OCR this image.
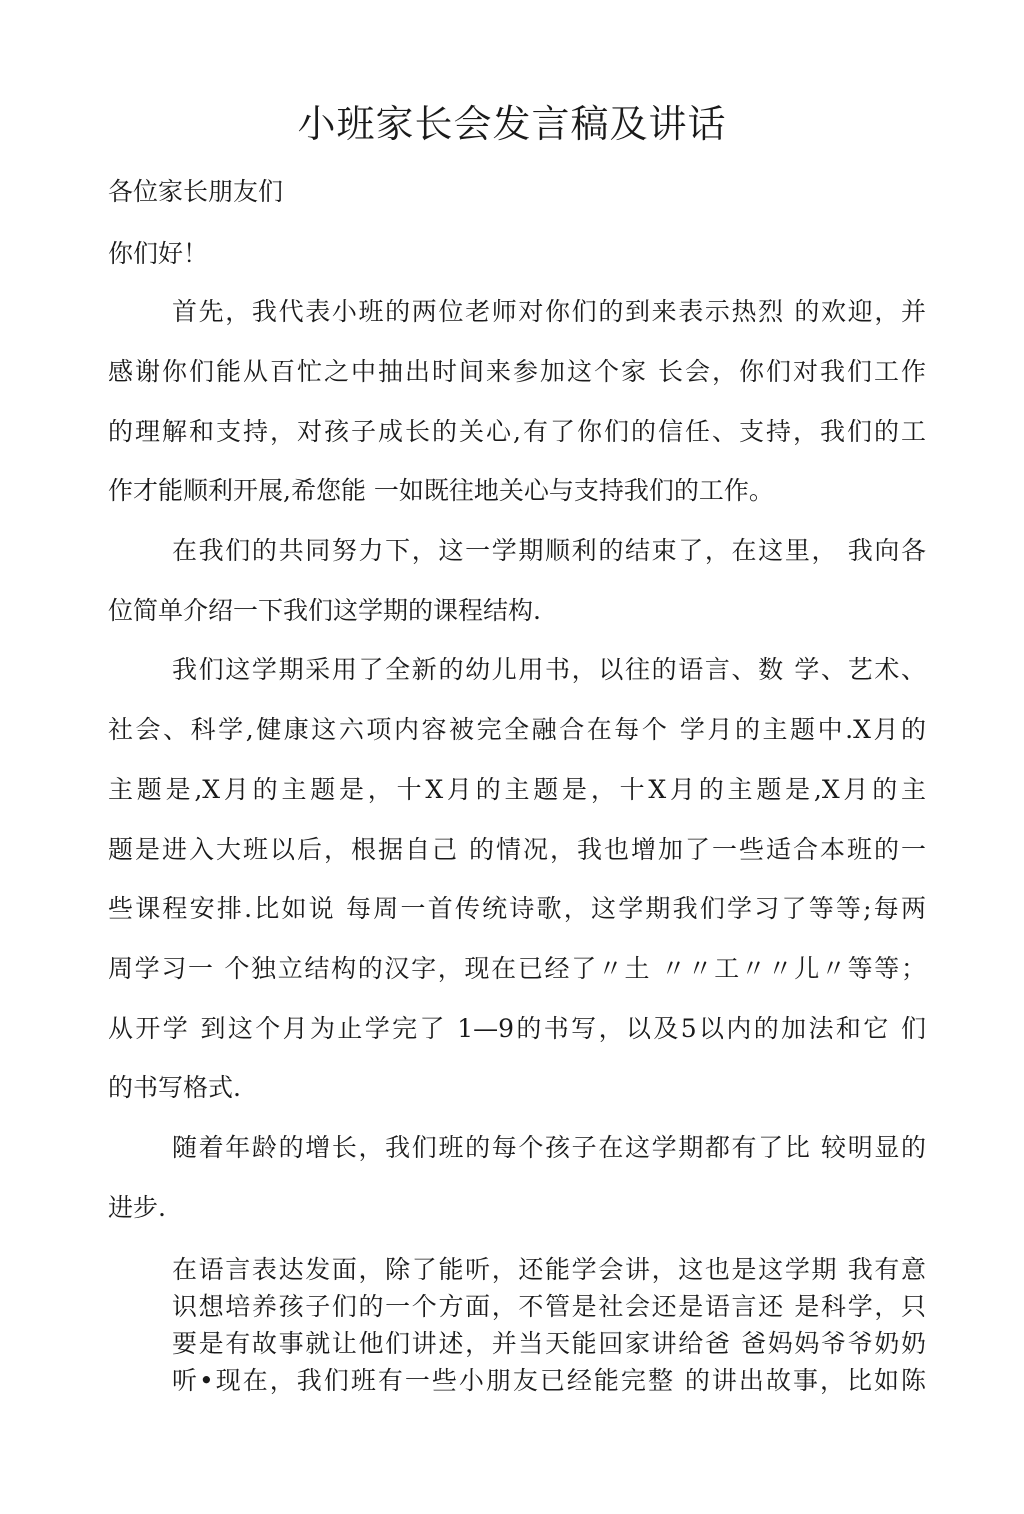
小班家长会发言稿及讲话
各位家长朋友们
你们好！
首先，我代表小班的两位老师对你们的到来表示热烈 的欢迎，并
感谢你们能从百忙之中抽出时间来参加这个家 长会，你们对我们工作
的理解和支持，对孩子成长的关心,有了你们的信任、支持，我们的工
作才能顺利开展,希您能 一如既往地关心与支持我们的工作。
在我们的共同努力下，这一学期顺利的结束了，在这里， 我向各
位简单介绍一下我们这学期的课程结构.
我们这学期采用了全新的幼儿用书，以往的语言、数 学、艺术、
社会、科学,健康这六项内容被完全融合在每个 学月的主题中.X月的
主题是,X月的主题是，十X月的主题是，十X月的主题是,X月的主
题是进入大班以后，根据自己 的情况，我也增加了一些适合本班的一
些课程安排.比如说 每周一首传统诗歌，这学期我们学习了等等;每两
周学习一 个独立结构的汉字，现在已经了〃土 〃〃工〃〃儿〃等等；
从开学 到这个月为止学完了 1—9的书写，以及5以内的加法和它 们
的书写格式.
随着年龄的增长，我们班的每个孩子在这学期都有了比 较明显的
进步.
在语言表达发面，除了能听，还能学会讲，这也是这学期 我有意
识想培养孩子们的一个方面，不管是社会还是语言还 是科学，只
要是有故事就让他们讲述，并当天能回家讲给爸 爸妈妈爷爷奶奶
听•现在，我们班有一些小朋友已经能完整 的讲出故事，比如陈
